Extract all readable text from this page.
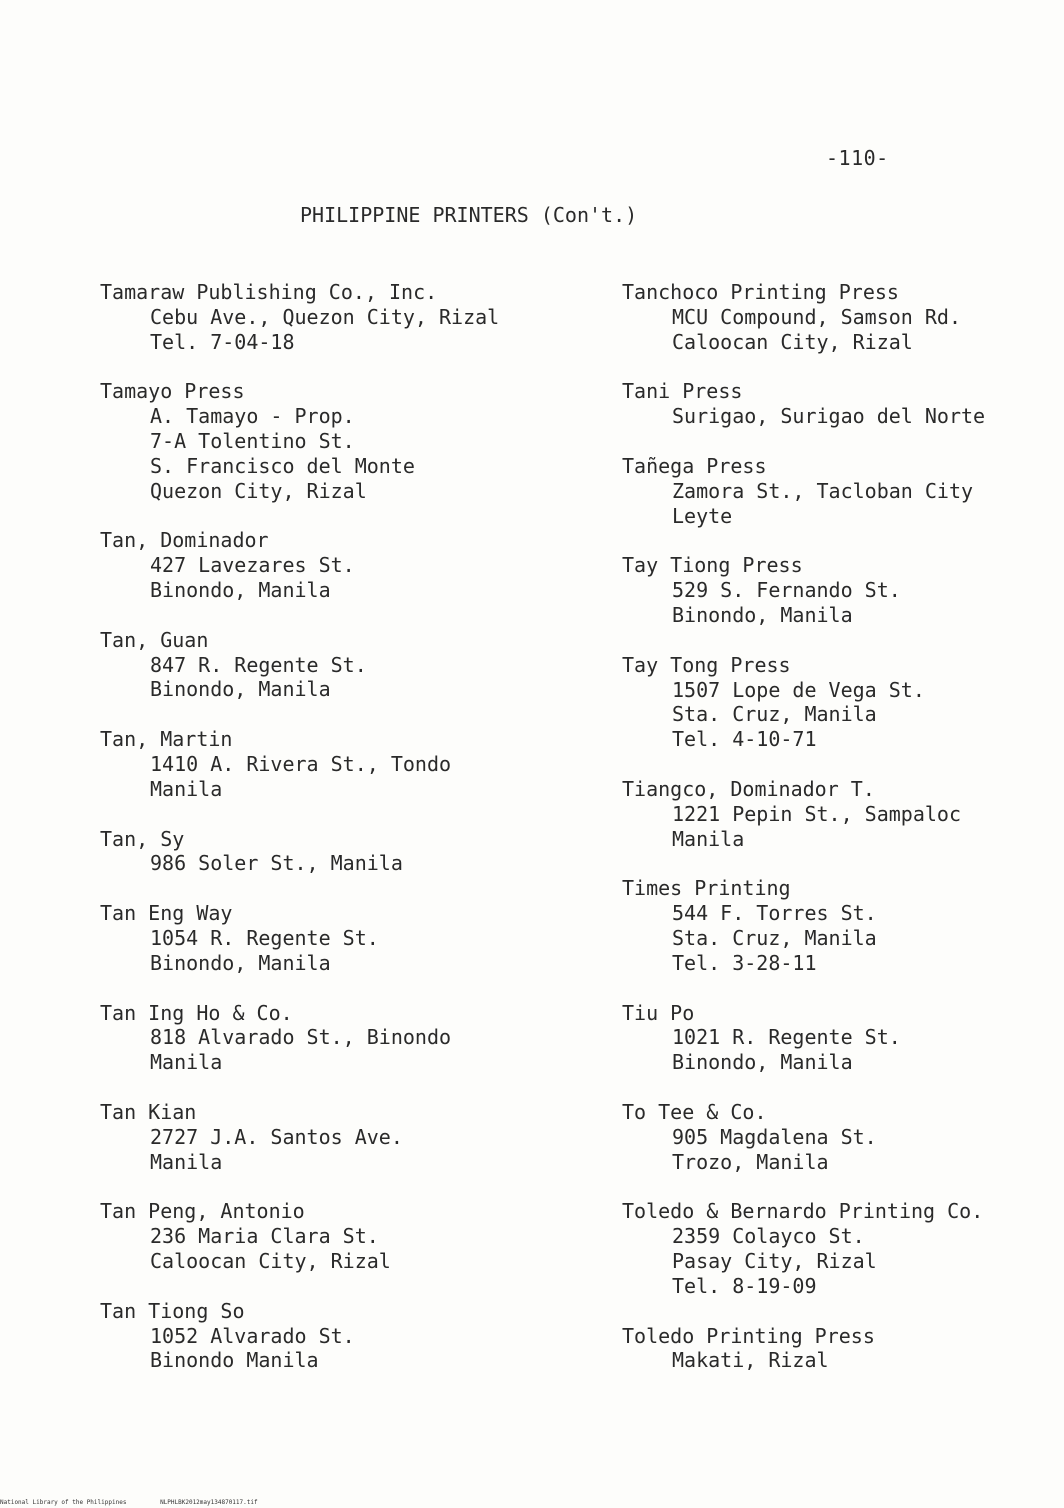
-110-
PHILIPPINE PRINTERS (Con't.)
Tamaraw Publishing Co., Inc.
Cebu Ave., Quezon City, Rizal
Tel. 7-04-18
Tamayo Press
A. Tamayo - Prop.
7-A Tolentino St.
S. Francisco del Monte
Quezon City, Rizal
Tan, Dominador
427 Lavezares St.
Binondo, Manila
Tan, Guan
847 R. Regente St.
Binondo, Manila
Tan, Martin
1410 A. Rivera St., Tondo
Manila
Tan, Sy
986 Soler St., Manila
Tan Eng Way
1054 R. Regente St.
Binondo, Manila
Tan Ing Ho & Co.
818 Alvarado St., Binondo
Manila
Tan Kian
2727 J.A. Santos Ave.
Manila
Tan Peng, Antonio
236 Maria Clara St.
Caloocan City, Rizal
Tan Tiong So
1052 Alvarado St.
Binondo Manila
Tanchoco Printing Press
MCU Compound, Samson Rd.
Caloocan City, Rizal
Tani Press
Surigao, Surigao del Norte
Tañega Press
Zamora St., Tacloban City
Leyte
Tay Tiong Press
529 S. Fernando St.
Binondo, Manila
Tay Tong Press
1507 Lope de Vega St.
Sta. Cruz, Manila
Tel. 4-10-71
Tiangco, Dominador T.
1221 Pepin St., Sampaloc
Manila
Times Printing
544 F. Torres St.
Sta. Cruz, Manila
Tel. 3-28-11
Tiu Po
1021 R. Regente St.
Binondo, Manila
To Tee & Co.
905 Magdalena St.
Trozo, Manila
Toledo & Bernardo Printing Co.
2359 Colayco St.
Pasay City, Rizal
Tel. 8-19-09
Toledo Printing Press
Makati, Rizal
National Library of the Philippines	NLPHLBK2012may134870117.tif
